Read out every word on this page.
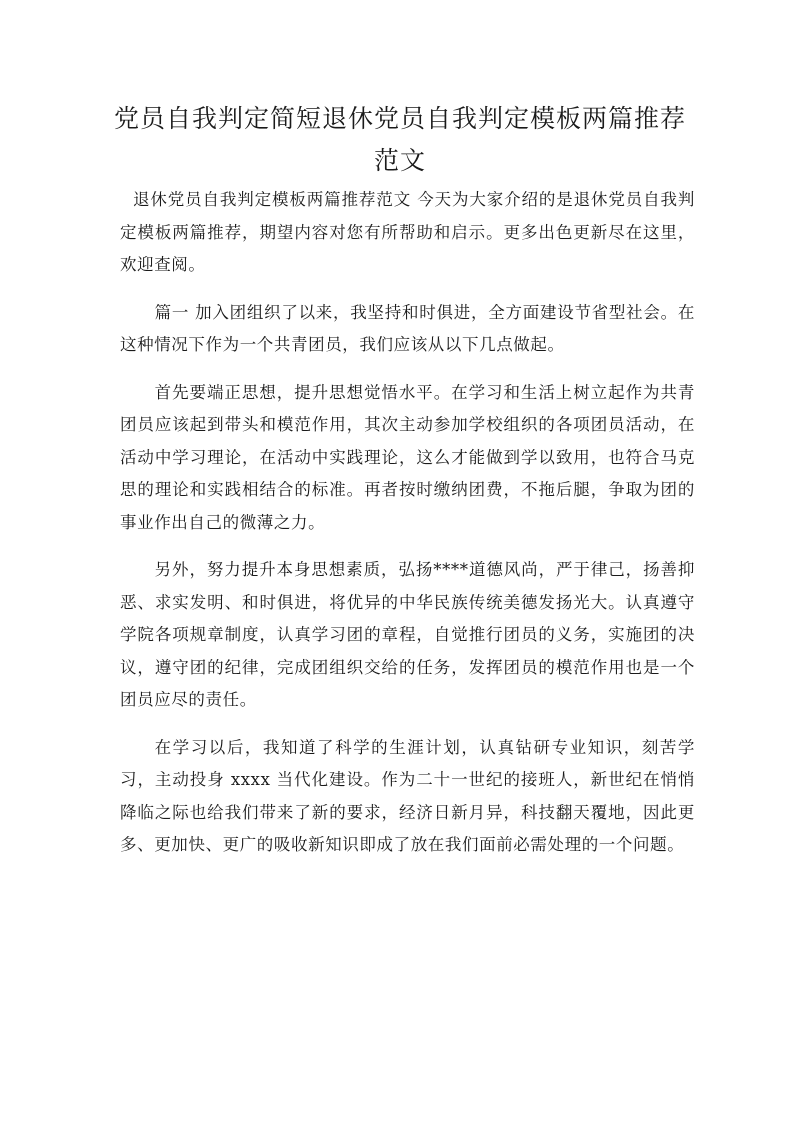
党员自我判定简短退休党员自我判定模板两篇推荐范文

退休党员自我判定模板两篇推荐范文 今天为大家介绍的是退休党员自我判定模板两篇推荐，期望内容对您有所帮助和启示。更多出色更新尽在这里，欢迎查阅。

篇一 加入团组织了以来，我坚持和时俱进，全方面建设节省型社会。在这种情况下作为一个共青团员，我们应该从以下几点做起。

首先要端正思想，提升思想觉悟水平。在学习和生活上树立起作为共青团员应该起到带头和模范作用，其次主动参加学校组织的各项团员活动，在活动中学习理论，在活动中实践理论，这么才能做到学以致用，也符合马克思的理论和实践相结合的标准。再者按时缴纳团费，不拖后腿，争取为团的事业作出自己的微薄之力。

另外，努力提升本身思想素质，弘扬****道德风尚，严于律己，扬善抑恶、求实发明、和时俱进，将优异的中华民族传统美德发扬光大。认真遵守学院各项规章制度，认真学习团的章程，自觉推行团员的义务，实施团的决议，遵守团的纪律，完成团组织交给的任务，发挥团员的模范作用也是一个团员应尽的责任。

在学习以后，我知道了科学的生涯计划，认真钻研专业知识，刻苦学习，主动投身 xxxx 当代化建设。作为二十一世纪的接班人，新世纪在悄悄降临之际也给我们带来了新的要求，经济日新月异，科技翻天覆地，因此更多、更加快、更广的吸收新知识即成了放在我们面前必需处理的一个问题。
